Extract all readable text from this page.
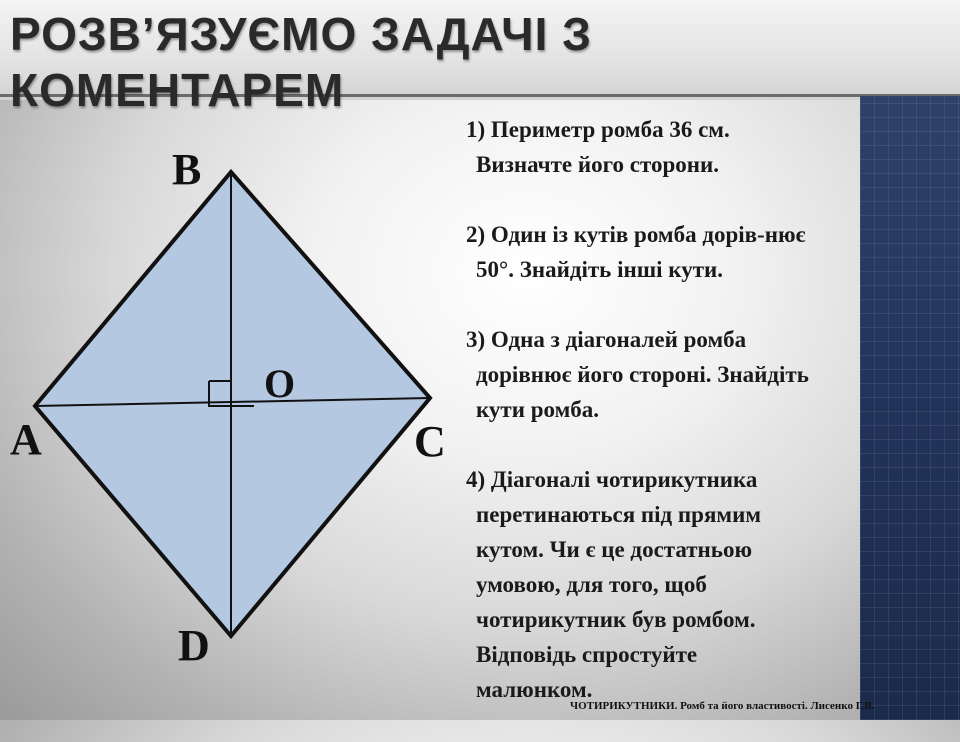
РОЗВ’ЯЗУЄМО ЗАДАЧІ З
КОМЕНТАРЕМ
B
A	C
D
O
1) Периметр ромба 36 см.
Визначте його сторони.
2) Один із кутів ромба дорів-нює
50°. Знайдіть інші кути.
3) Одна з діагоналей ромба
дорівнює його стороні. Знайдіть
кути ромба.
4) Діагоналі чотирикутника
перетинаються під прямим
кутом. Чи є це достатньою
умовою, для того, щоб
чотирикутник був ромбом.
Відповідь спростуйте
малюнком.
ЧОТИРИКУТНИКИ. Ромб та його властивості. Лисенко Г.В.
